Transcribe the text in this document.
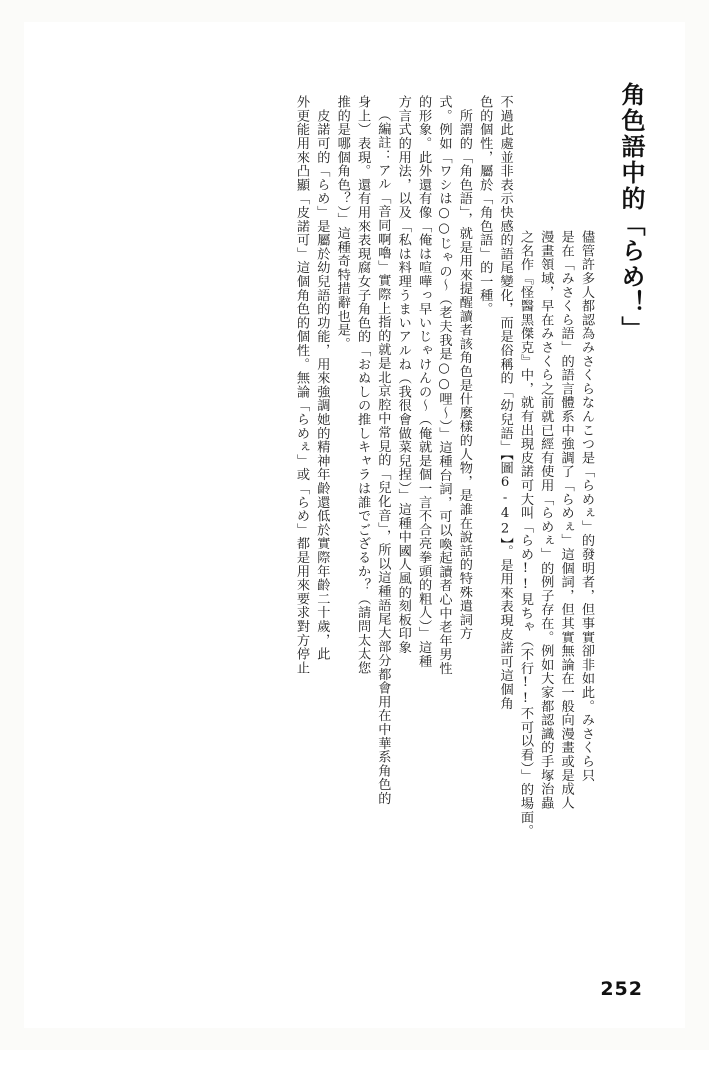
角色語中的「らめ！」
儘管許多人都認為みさくらなんこつ是「らめぇ」的發明者，但事實卻非如此。みさくら只
是在「みさくら語」的語言體系中強調了「らめぇ」這個詞，但其實無論在一般向漫畫或是成人
漫畫領域，早在みさくら之前就已經有使用「らめぇ」的例子存在。例如大家都認識的手塚治蟲
之名作『怪醫黑傑克』中，就有出現皮諾可大叫「らめ!!見ちゃ（不行!!不可以看）」的場面。
不過此處並非表示快感的語尾變化，而是俗稱的「幼兒語」【圖6-42】。是用來表現皮諾可這個角
色的個性，屬於「角色語」的一種。
　所謂的「角色語」，就是用來提醒讀者該角色是什麼樣的人物，是誰在說話的特殊遣詞方
式。例如「ワシは○○じゃの～（老夫我是○○哩～）」這種台詞，可以喚起讀者心中老年男性
的形象。此外還有像「俺は喧嘩っ早いじゃけんの～（俺就是個一言不合亮拳頭的粗人）」這種
方言式的用法，以及「私は料理うまいアルね（我很會做菜兒捏）」這種中國人風的刻板印象
（編註：アル「音同啊嚕」實際上指的就是北京腔中常見的「兒化音」，所以這種語尾大部分都會用在中華系角色的
身上）表現。還有用來表現腐女子角色的「おぬしの推しキャラは誰でござるか？（請問太太您
推的是哪個角色？）」這種奇特措辭也是。
　皮諾可的「らめ」是屬於幼兒語的功能，用來強調她的精神年齡還低於實際年齡二十歲，此
外更能用來凸顯「皮諾可」這個角色的個性。無論「らめぇ」或「らめ」都是用來要求對方停止
252
